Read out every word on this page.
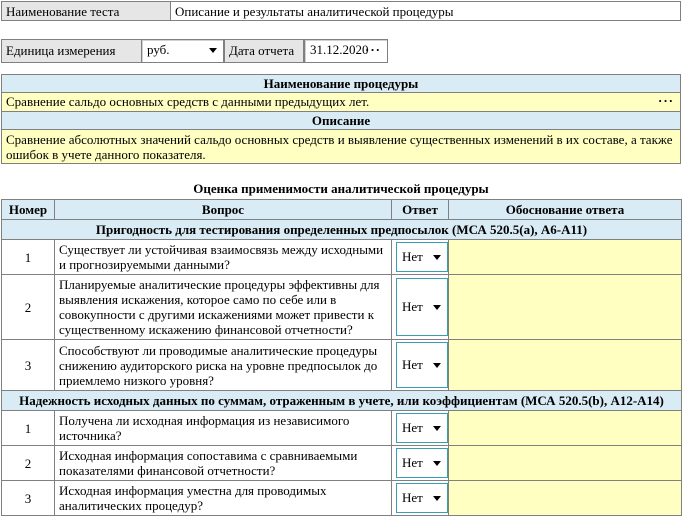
Наименование теста	Описание и результаты аналитической процедуры
Единица измерения	руб.	Дата отчета	31.12.2020
···
Наименование процедуры
Сравнение сальдо основных средств с данными предыдущих лет.	···
Описание
Сравнение абсолютных значений сальдо основных средств и выявление существенных изменений в их составе, а также ошибок в учете данного показателя.
Оценка применимости аналитической процедуры
Номер	Вопрос	Ответ	Обоснование ответа
Пригодность для тестирования определенных предпосылок (МСА 520.5(a), А6-А11)			
1	Существует ли устойчивая взаимосвязь между исходными и прогнозируемыми данными?	Нет	

2	Планируемые аналитические процедуры эффективны для выявления искажения, которое само по себе или в совокупности с другими искажениями может привести к существенному искажению финансовой отчетности?	Нет	

3	Способствуют ли проводимые аналитические процедуры снижению аудиторского риска на уровне предпосылок до приемлемо низкого уровня?	Нет	

Надежность исходных данных по суммам, отраженным в учете, или коэффициентам (МСА 520.5(b), А12-А14)			
1	Получена ли исходная информация из независимого источника?	Нет	

2	Исходная информация сопоставима с сравниваемыми показателями финансовой отчетности?	Нет	

3	Исходная информация уместна для проводимых аналитических процедур?	Нет	
